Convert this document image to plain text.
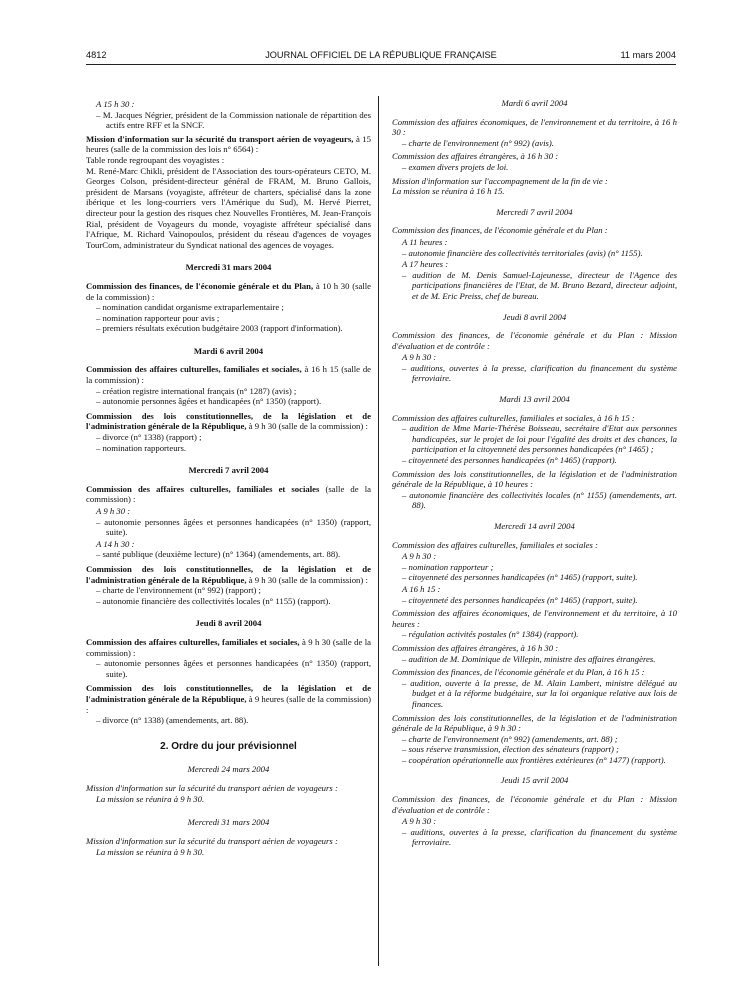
4812	JOURNAL OFFICIEL DE LA RÉPUBLIQUE FRANÇAISE	11 mars 2004
A 15 h 30 :

– M. Jacques Négrier, président de la Commission nationale de répartition des actifs entre RFF et la SNCF.

Mission d'information sur la sécurité du transport aérien de voyageurs, à 15 heures (salle de la commission des lois n° 6564) :
Table ronde regroupant des voyagistes :
M. René-Marc Chikli, président de l'Association des tours-opérateurs CETO, M. Georges Colson, président-directeur général de FRAM, M. Bruno Gallois, président de Marsans (voyagiste, affréteur de charters, spécialisé dans la zone ibérique et les long-courriers vers l'Amérique du Sud), M. Hervé Pierret, directeur pour la gestion des risques chez Nouvelles Frontières, M. Jean-François Rial, président de Voyageurs du monde, voyagiste affréteur spécialisé dans l'Afrique, M. Richard Vainopoulos, président du réseau d'agences de voyages TourCom, administrateur du Syndicat national des agences de voyages.
Mercredi 31 mars 2004
Commission des finances, de l'économie générale et du Plan, à 10 h 30 (salle de la commission) :

– nomination candidat organisme extraparlementaire ;

– nomination rapporteur pour avis ;

– premiers résultats exécution budgétaire 2003 (rapport d'information).

Mardi 6 avril 2004
Commission des affaires culturelles, familiales et sociales, à 16 h 15 (salle de la commission) :

– création registre international français (n° 1287) (avis) ;

– autonomie personnes âgées et handicapées (n° 1350) (rapport).

Commission des lois constitutionnelles, de la législation et de l'administration générale de la République, à 9 h 30 (salle de la commission) :

– divorce (n° 1338) (rapport) ;

– nomination rapporteurs.

Mercredi 7 avril 2004
Commission des affaires culturelles, familiales et sociales (salle de la commission) :
A 9 h 30 :

– autonomie personnes âgées et personnes handicapées (n° 1350) (rapport, suite).

A 14 h 30 :

– santé publique (deuxième lecture) (n° 1364) (amendements, art. 88).

Commission des lois constitutionnelles, de la législation et de l'administration générale de la République, à 9 h 30 (salle de la commission) :

– charte de l'environnement (n° 992) (rapport) ;

– autonomie financière des collectivités locales (n° 1155) (rapport).

Jeudi 8 avril 2004
Commission des affaires culturelles, familiales et sociales, à 9 h 30 (salle de la commission) :

– autonomie personnes âgées et personnes handicapées (n° 1350) (rapport, suite).

Commission des lois constitutionnelles, de la législation et de l'administration générale de la République, à 9 heures (salle de la commission) :

– divorce (n° 1338) (amendements, art. 88).

2. Ordre du jour prévisionnel
Mercredi 24 mars 2004
Mission d'information sur la sécurité du transport aérien de voyageurs :
La mission se réunira à 9 h 30.
Mercredi 31 mars 2004
Mission d'information sur la sécurité du transport aérien de voyageurs :
La mission se réunira à 9 h 30.
Mardi 6 avril 2004
Commission des affaires économiques, de l'environnement et du territoire, à 16 h 30 :

– charte de l'environnement (n° 992) (avis).

Commission des affaires étrangères, à 16 h 30 :

– examen divers projets de loi.

Mission d'information sur l'accompagnement de la fin de vie :
La mission se réunira à 16 h 15.
Mercredi 7 avril 2004
Commission des finances, de l'économie générale et du Plan :
A 11 heures :

– autonomie financière des collectivités territoriales (avis) (n° 1155).

A 17 heures :

– audition de M. Denis Samuel-Lajeunesse, directeur de l'Agence des participations financières de l'Etat, de M. Bruno Bezard, directeur adjoint, et de M. Eric Preiss, chef de bureau.

Jeudi 8 avril 2004
Commission des finances, de l'économie générale et du Plan : Mission d'évaluation et de contrôle :
A 9 h 30 :

– auditions, ouvertes à la presse, clarification du financement du système ferroviaire.

Mardi 13 avril 2004
Commission des affaires culturelles, familiales et sociales, à 16 h 15 :

– audition de Mme Marie-Thérèse Boisseau, secrétaire d'Etat aux personnes handicapées, sur le projet de loi pour l'égalité des droits et des chances, la participation et la citoyenneté des personnes handicapées (n° 1465) ;

– citoyenneté des personnes handicapées (n° 1465) (rapport).

Commission des lois constitutionnelles, de la législation et de l'administration générale de la République, à 10 heures :

– autonomie financière des collectivités locales (n° 1155) (amendements, art. 88).

Mercredi 14 avril 2004
Commission des affaires culturelles, familiales et sociales :
A 9 h 30 :

– nomination rapporteur ;

– citoyenneté des personnes handicapées (n° 1465) (rapport, suite).

A 16 h 15 :

– citoyenneté des personnes handicapées (n° 1465) (rapport, suite).

Commission des affaires économiques, de l'environnement et du territoire, à 10 heures :

– régulation activités postales (n° 1384) (rapport).

Commission des affaires étrangères, à 16 h 30 :

– audition de M. Dominique de Villepin, ministre des affaires étrangères.

Commission des finances, de l'économie générale et du Plan, à 16 h 15 :

– audition, ouverte à la presse, de M. Alain Lambert, ministre délégué au budget et à la réforme budgétaire, sur la loi organique relative aux lois de finances.

Commission des lois constitutionnelles, de la législation et de l'administration générale de la République, à 9 h 30 :

– charte de l'environnement (n° 992) (amendements, art. 88) ;

– sous réserve transmission, élection des sénateurs (rapport) ;

– coopération opérationnelle aux frontières extérieures (n° 1477) (rapport).

Jeudi 15 avril 2004
Commission des finances, de l'économie générale et du Plan : Mission d'évaluation et de contrôle :
A 9 h 30 :

– auditions, ouvertes à la presse, clarification du financement du système ferroviaire.
